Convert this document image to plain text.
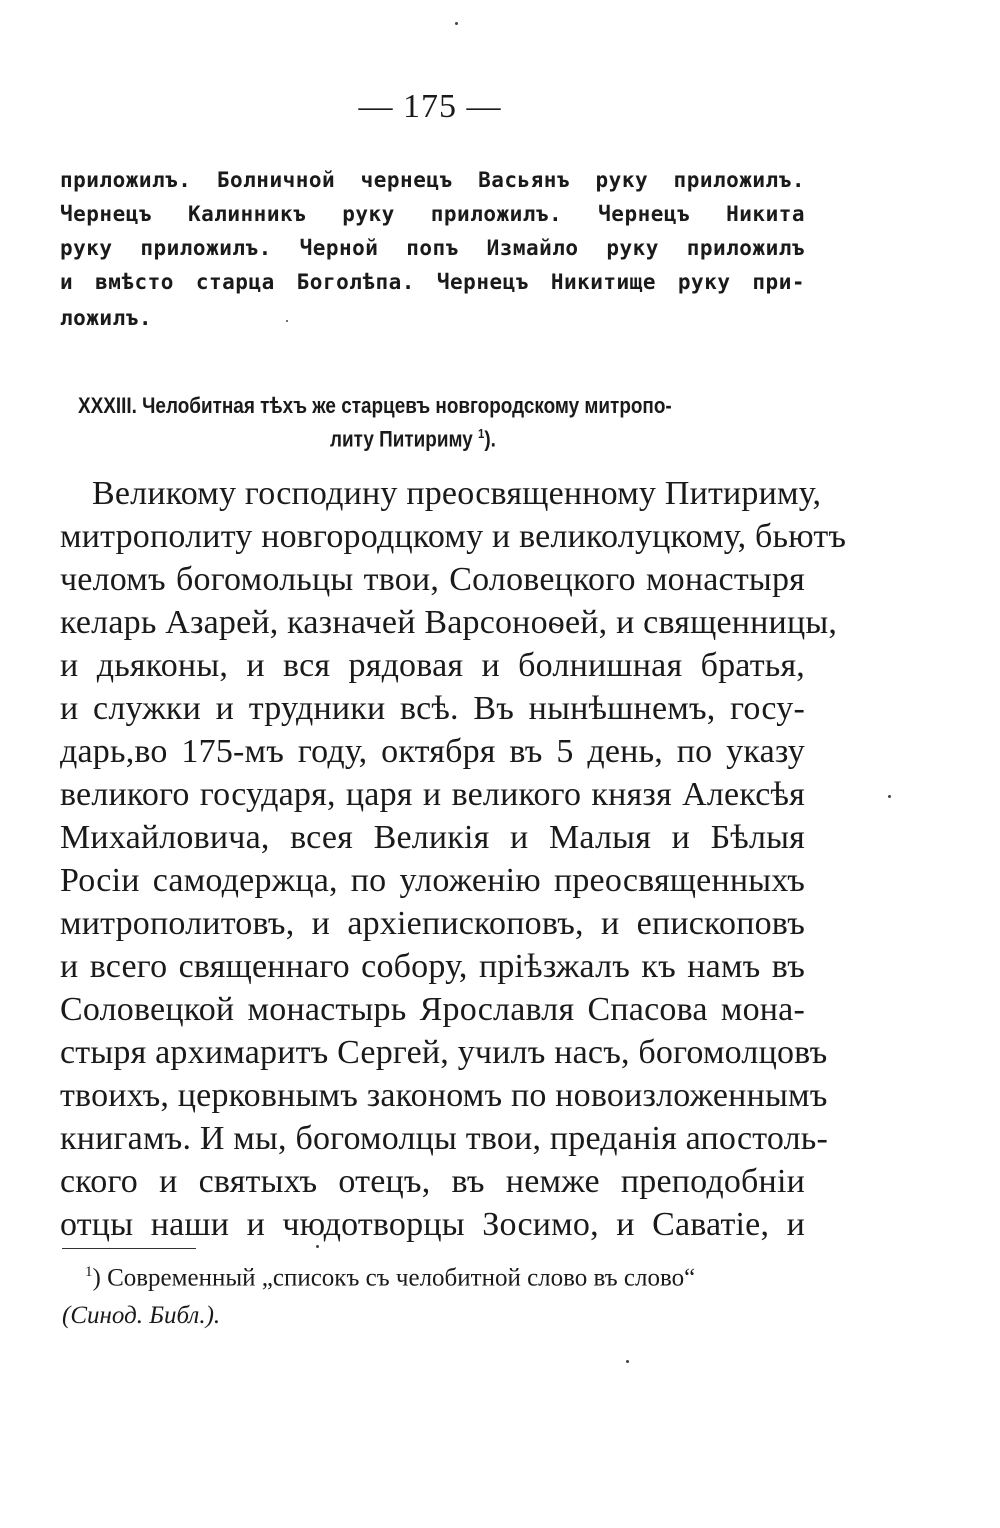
— 175 —
приложилъ. Болничной чернецъ Васьянъ руку приложилъ.
Чернецъ Калинникъ руку приложилъ. Чернецъ Никита
руку приложилъ. Черной попъ Измайло руку приложилъ
и вмѣсто старца Боголѣпа. Чернецъ Никитище руку при-
ложилъ.
XXXIII. Челобитная тѣхъ же старцевъ новгородскому митропо-
литу Питириму $^1$).
Великому господину преосвященному Питириму,
митрополиту новгородцкому и великолуцкому, бьютъ
челомъ богомольцы твои, Соловецкого монастыря
келарь Азарей, казначей Варсоноѳей, и священницы,
и дьяконы, и вся рядовая и болнишная братья,
и служки и трудники всѣ. Въ нынѣшнемъ, госу-
дарь,во 175-мъ году, октября въ 5 день, по указу
великого государя, царя и великого князя Алексѣя
Михайловича, всея Великія и Малыя и Бѣлыя
Росіи самодержца, по уложенію преосвященныхъ
митрополитовъ, и архіепископовъ, и епископовъ
и всего священнаго собору, пріѣзжалъ къ намъ въ
Соловецкой монастырь Ярославля Спасова мона-
стыря архимаритъ Сергей, училъ насъ, богомолцовъ
твоихъ, церковнымъ закономъ по новоизложеннымъ
книгамъ. И мы, богомолцы твои, преданія апостоль-
ского и святыхъ отецъ, въ немже преподобніи
отцы наши и чюдотворцы Зосимо, и Саватіе, и
$^1$) Современный „списокъ съ челобитной слово въ слово“
(Синод. Библ.).
